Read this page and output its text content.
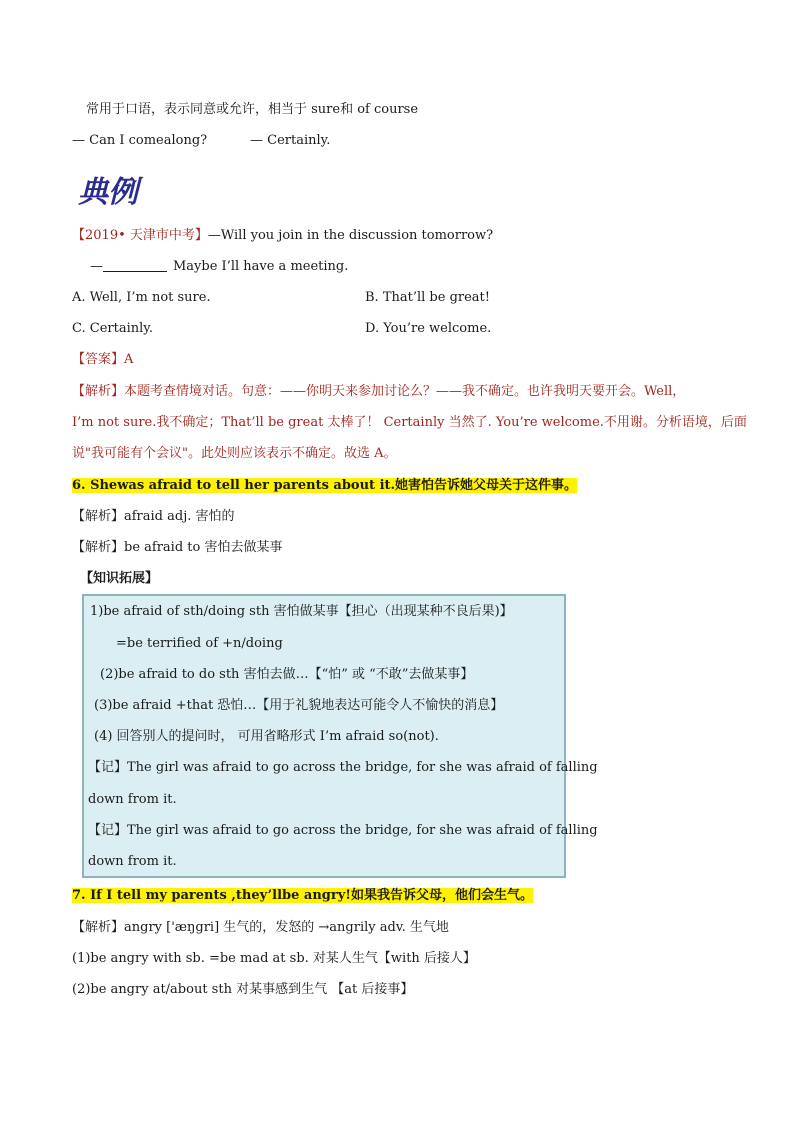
常用于口语，表示同意或允许，相当于 sure和 of course
— Can I comealong?	— Certainly.
典例
【2019• 天津市中考】—Will you join in the discussion tomorrow?
—	Maybe I’ll have a meeting.
A. Well, I’m not sure.	B. That’ll be great!
C. Certainly.	D. You’re welcome.
【答案】A
【解析】本题考查情境对话。句意：——你明天来参加讨论么？——我不确定。也许我明天要开会。Well，
I’m not sure.我不确定；That’ll be great 太棒了！ Certainly 当然了. You’re welcome.不用谢。分析语境，后面
说"我可能有个会议"。此处则应该表示不确定。故选 A。
6. Shewas afraid to tell her parents about it.她害怕告诉她父母关于这件事。
【解析】afraid adj. 害怕的
【解析】be afraid to 害怕去做某事
【知识拓展】
1)be afraid of sth/doing sth 害怕做某事【担心（出现某种不良后果)】
=be terrified of +n/doing
(2)be afraid to do sth 害怕去做…【“怕” 或 “不敢”去做某事】
(3)be afraid +that 恐怕…【用于礼貌地表达可能令人不愉快的消息】
(4) 回答别人的提问时， 可用省略形式 I’m afraid so(not).
【记】The girl was afraid to go across the bridge, for she was afraid of falling
down from it.
【记】The girl was afraid to go across the bridge, for she was afraid of falling
down from it.
7. If I tell my parents ,they’llbe angry!如果我告诉父母，他们会生气。
【解析】angry ['æŋgri] 生气的，发怒的 →angrily adv. 生气地
(1)be angry with sb. =be mad at sb. 对某人生气【with 后接人】
(2)be angry at/about sth 对某事感到生气 【at 后接事】
